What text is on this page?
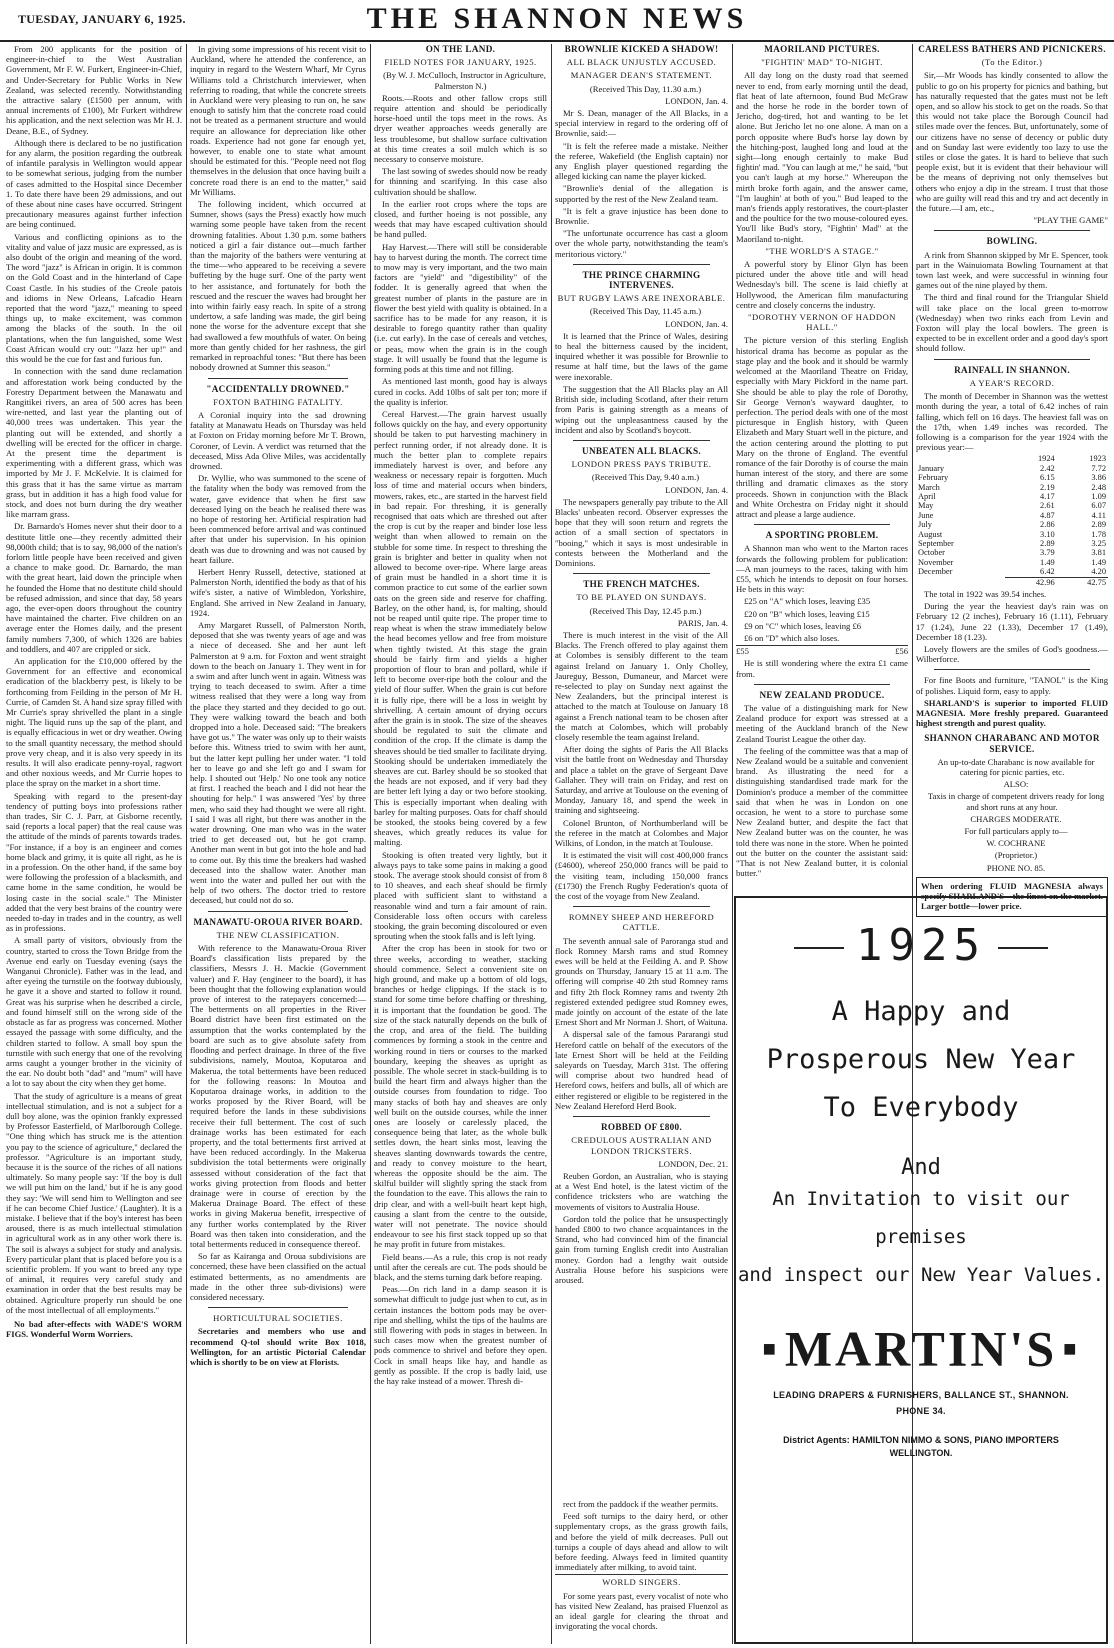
TUESDAY, JANUARY 6, 1925.	THE SHANNON NEWS

From 200 applicants for the position of engineer-in-chief to the West Australian Government, Mr F. W. Furkert, Engineer-in-Chief, and Under-Secretary for Public Works in New Zealand, was selected recently. Notwithstanding the attractive salary (£1500 per annum, with annual increments of £100), Mr Furkert withdrew his application, and the next selection was Mr H. J. Deane, B.E., of Sydney.

Although there is declared to be no justification for any alarm, the position regarding the outbreak of infantile paralysis in Wellington would appear to be somewhat serious, judging from the number of cases admitted to the Hospital since December 1. To date there have been 29 admissions, and out of these about nine cases have occurred. Stringent precautionary measures against further infection are being continued.

Various and conflicting opinions as to the vitality and value of jazz music are expressed, as is also doubt of the origin and meaning of the word. The word "jazz" is African in origin. It is common on the Gold Coast and in the hinterland of Cape Coast Castle. In his studies of the Creole patois and idioms in New Orleans, Lafcadio Hearn reported that the word "jazz," meaning to speed things up, to make excitement, was common among the blacks of the south. In the oil plantations, when the fun languished, some West Coast African would cry out: "Jazz her up!" and this would be the cue for fast and furious fun.

In connection with the sand dune reclamation and afforestation work being conducted by the Forestry Department between the Manawatu and Rangitikei rivers, an area of 500 acres has been wire-netted, and last year the planting out of 40,000 trees was undertaken. This year the planting out will be extended, and shortly a dwelling will be erected for the officer in charge. At the present time the department is experimenting with a different grass, which was imported by Mr J. F. McKelvie. It is claimed for this grass that it has the same virtue as marram grass, but in addition it has a high food value for stock, and does not burn during the dry weather like marram grass.

Dr. Barnardo's Homes never shut their door to a destitute little one—they recently admitted their 98,000th child; that is to say, 98,000 of the nation's forlorn little people have been received and given a chance to make good. Dr. Barnardo, the man with the great heart, laid down the principle when he founded the Home that no destitute child should be refused admission, and since that day, 58 years ago, the ever-open doors throughout the country have maintained the charter. Five children on an average enter the Homes daily, and the present family numbers 7,300, of which 1326 are babies and toddlers, and 407 are crippled or sick.

An application for the £10,000 offered by the Government for an effective and economical eradication of the blackberry pest, is likely to be forthcoming from Feilding in the person of Mr H. Currie, of Camden St. A hand size spray filled with Mr Currie's spray shrivelled the plant in a single night. The liquid runs up the sap of the plant, and is equally efficacious in wet or dry weather. Owing to the small quantity necessary, the method should prove very cheap, and it is also very speedy in its results. It will also eradicate penny-royal, ragwort and other noxious weeds, and Mr Currie hopes to place the spray on the market in a short time.

Speaking with regard to the present-day tendency of putting boys into professions rather than trades, Sir C. J. Parr, at Gisborne recently, said (reports a local paper) that the real cause was the attitude of the minds of parents towards trades. "For instance, if a boy is an engineer and comes home black and grimy, it is quite all right, as he is in a profession. On the other hand, if the same boy were following the profession of a blacksmith, and came home in the same condition, he would be losing caste in the social scale." The Minister added that the very best brains of the country were needed to-day in trades and in the country, as well as in professions.

A small party of visitors, obviously from the country, started to cross the Town Bridge from the Avenue end early on Tuesday evening (says the Wanganui Chronicle). Father was in the lead, and after eyeing the turnstile on the footway dubiously, he gave it a shove and started to follow it round. Great was his surprise when he described a circle, and found himself still on the wrong side of the obstacle as far as progress was concerned. Mother essayed the passage with some difficulty, and the children started to follow. A small boy spun the turnstile with such energy that one of the revolving arms caught a younger brother in the vicinity of the ear. No doubt both "dad" and "mum" will have a lot to say about the city when they get home.

That the study of agriculture is a means of great intellectual stimulation, and is not a subject for a dull boy alone, was the opinion frankly expressed by Professor Easterfield, of Marlborough College. "One thing which has struck me is the attention you pay to the science of agriculture," declared the professor. "Agriculture is an important study, because it is the source of the riches of all nations ultimately. So many people say: 'If the boy is dull we will put him on the land,' but if he is any good they say: 'We will send him to Wellington and see if he can become Chief Justice.' (Laughter). It is a mistake. I believe that if the boy's interest has been aroused, there is as much intellectual stimulation in agricultural work as in any other work there is. The soil is always a subject for study and analysis. Every particular plant that is placed before you is a scientific problem. If you want to breed any type of animal, it requires very careful study and examination in order that the best results may be obtained. Agriculture properly run should be one of the most intellectual of all employments."

No bad after-effects with WADE'S WORM FIGS. Wonderful Worm Worriers.

In giving some impressions of his recent visit to Auckland, where he attended the conference, an inquiry in regard to the Western Wharf, Mr Cyrus Williams told a Christchurch interviewer, when referring to roading, that while the concrete streets in Auckland were very pleasing to run on, he saw enough to satisfy him that the concrete road could not be treated as a permanent structure and would require an allowance for depreciation like other roads. Experience had not gone far enough yet, however, to enable one to state what amount should be estimated for this. "People need not flog themselves in the delusion that once having built a concrete road there is an end to the matter," said Mr Williams.

The following incident, which occurred at Sumner, shows (says the Press) exactly how much warning some people have taken from the recent drowning fatalities. About 1.30 p.m. some bathers noticed a girl a fair distance out—much farther than the majority of the bathers were venturing at the time—who appeared to be receiving a severe buffeting by the huge surf. One of the party went to her assistance, and fortunately for both the rescued and the rescuer the waves had brought her into within fairly easy reach. In spite of a strong undertow, a safe landing was made, the girl being none the worse for the adventure except that she had swallowed a few mouthfuls of water. On being more than gently chided for her rashness, the girl remarked in reproachful tones: "But there has been nobody drowned at Sumner this season."

"ACCIDENTALLY DROWNED."
FOXTON BATHING FATALITY.

A Coronial inquiry into the sad drowning fatality at Manawatu Heads on Thursday was held at Foxton on Friday morning before Mr T. Brown, Coroner, of Levin. A verdict was returned that the deceased, Miss Ada Olive Miles, was accidentally drowned.

Dr. Wyllie, who was summoned to the scene of the fatality when the body was removed from the water, gave evidence that when he first saw deceased lying on the beach he realised there was no hope of restoring her. Artificial respiration had been commenced before arrival and was continued after that under his supervision. In his opinion death was due to drowning and was not caused by heart failure.

Herbert Henry Russell, detective, stationed at Palmerston North, identified the body as that of his wife's sister, a native of Wimbledon, Yorkshire, England. She arrived in New Zealand in January, 1924.

Amy Margaret Russell, of Palmerston North, deposed that she was twenty years of age and was a niece of deceased. She and her aunt left Palmerston at 9 a.m. for Foxton and went straight down to the beach on January 1. They went in for a swim and after lunch went in again. Witness was trying to teach deceased to swim. After a time witness realised that they were a long way from the place they started and they decided to go out. They were walking toward the beach and both dropped into a hole. Deceased said: "The breakers have got us." The water was only up to their waists before this. Witness tried to swim with her aunt, but the latter kept pulling her under water. "I told her to leave go and she left go and I swam for help. I shouted out 'Help.' No one took any notice at first. I reached the beach and I did not hear the shouting for help." I was answered 'Yes' by three men, who said they had thought we were all right. I said I was all right, but there was another in the water drowning. One man who was in the water tried to get deceased out, but he got cramp. Another man went in but got into the hole and had to come out. By this time the breakers had washed deceased into the shallow water. Another man went into the water and pulled her out with the help of two others. The doctor tried to restore deceased, but could not do so.

MANAWATU-OROUA RIVER BOARD.
THE NEW CLASSIFICATION.

With reference to the Manawatu-Oroua River Board's classification lists prepared by the classifiers, Messrs J. H. Mackie (Government valuer) and F. Hay (engineer to the board), it has been thought that the following explanation would prove of interest to the ratepayers concerned:—The betterments on all properties in the River Board district have been first estimated on the assumption that the works contemplated by the board are such as to give absolute safety from flooding and perfect drainage. In three of the five subdivisions, namely, Moutoa, Koputaroa and Makerua, the total betterments have been reduced for the following reasons: In Moutoa and Koputaroa drainage works, in addition to the works proposed by the River Board, will be required before the lands in these subdivisions receive their full betterment. The cost of such drainage works has been estimated for each property, and the total betterments first arrived at have been reduced accordingly. In the Makerua subdivision the total betterments were originally assessed without consideration of the fact that works giving protection from floods and better drainage were in course of erection by the Makerua Drainage Board. The effect of these works in giving Makerua benefit, irrespective of any further works contemplated by the River Board was then taken into consideration, and the total betterments reduced in consequence thereof.

So far as Kairanga and Oroua subdivisions are concerned, these have been classified on the actual estimated betterments, as no amendments are made in the other three sub-divisions) were considered necessary.

HORTICULTURAL SOCIETIES.

Secretaries and members who use and recommend Q-tol should write Box 1018, Wellington, for an artistic Pictorial Calendar which is shortly to be on view at Florists.

ON THE LAND.
FIELD NOTES FOR JANUARY, 1925.

(By W. J. McCulloch, Instructor in Agriculture, Palmerston N.)

Roots.—Roots and other fallow crops still require attention and should be periodically horse-hoed until the tops meet in the rows. As dryer weather approaches weeds generally are less troublesome, but shallow surface cultivation at this time creates a soil mulch which is so necessary to conserve moisture.

The last sowing of swedes should now be ready for thinning and scarifying. In this case also cultivation should be shallow.

In the earlier root crops where the tops are closed, and further hoeing is not possible, any weeds that may have escaped cultivation should be hand pulled.

Hay Harvest.—There will still be considerable hay to harvest during the month. The correct time to mow may is very important, and the two main factors are "yield" and "digestibility" of the fodder. It is generally agreed that when the greatest number of plants in the pasture are in flower the best yield with quality is obtained. In a sacrifice has to be made for any reason, it is desirable to forego quantity rather than quality (i.e. cut early). In the case of cereals and vetches, or peas, mow when the grain is in the cough stage. It will usually be found that the legume is forming pods at this time and not filling.

As mentioned last month, good hay is always cured in cocks. Add 10lbs of salt per ton; more if the quality is inferior.

Cereal Harvest.—The grain harvest usually follows quickly on the hay, and every opportunity should be taken to put harvesting machinery in perfect running order, if not already done. It is much the better plan to complete repairs immediately harvest is over, and before any weakness or necessary repair is forgotten. Much loss of time and material occurs when binders, mowers, rakes, etc., are started in the harvest field in bad repair. For threshing, it is generally recognised that oats which are threshed out after the crop is cut by the reaper and binder lose less weight than when allowed to remain on the stubble for some time. In respect to threshing the grain is brighter and better in quality when not allowed to become over-ripe. Where large areas of grain must be handled in a short time it is common practice to cut some of the earlier sown oats on the green side and reserve for chaffing. Barley, on the other hand, is, for malting, should not be reaped until quite ripe. The proper time to reap wheat is when the straw immediately below the head becomes yellow and free from moisture when tightly twisted. At this stage the grain should be fairly firm and yields a higher proportion of flour to bran and pollard, while if left to become over-ripe both the colour and the yield of flour suffer. When the grain is cut before it is fully ripe, there will be a loss in weight by shrivelling. A certain amount of drying occurs after the grain is in stook. The size of the sheaves should be regulated to suit the climate and condition of the crop. If the climate is damp the sheaves should be tied smaller to facilitate drying. Stooking should be undertaken immediately the sheaves are cut. Barley should be so stooked that the heads are not exposed, and if very bad they are better left lying a day or two before stooking. This is especially important when dealing with barley for malting purposes. Oats for chaff should be stooked, the stooks being covered by a few sheaves, which greatly reduces its value for malting.

Stooking is often treated very lightly, but it always pays to take some pains in making a good stook. The average stook should consist of from 8 to 10 sheaves, and each sheaf should be firmly placed with sufficient slant to withstand a reasonable wind and turn a fair amount of rain. Considerable loss often occurs with careless stooking, the grain becoming discoloured or even sprouting when the stook falls and is left lying.

After the crop has been in stook for two or three weeks, according to weather, stacking should commence. Select a convenient site on high ground, and make up a bottom of old logs, branches or hedge clippings. If the stack is to stand for some time before chaffing or threshing, it is important that the foundation be good. The size of the stack naturally depends on the bulk of the crop, and area of the field. The building commences by forming a stook in the centre and working round in tiers or courses to the marked boundary, keeping the sheaves as upright as possible. The whole secret in stack-building is to build the heart firm and always higher than the outside courses from foundation to ridge. Too many stacks of both hay and sheaves are only well built on the outside courses, while the inner ones are loosely or carelessly placed, the consequence being that later, as the whole bulk settles down, the heart sinks most, leaving the sheaves slanting downwards towards the centre, and ready to convey moisture to the heart, whereas the opposite should be the aim. The skilful builder will slightly spring the stack from the foundation to the eave. This allows the rain to drip clear, and with a well-built heart kept high, causing a slant from the centre to the outside, water will not penetrate. The novice should endeavour to see his first stack topped up so that he may profit in future from mistakes.

Field beans.—As a rule, this crop is not ready until after the cereals are cut. The pods should be black, and the stems turning dark before reaping.

Peas.—On rich land in a damp season it is somewhat difficult to judge just when to cut, as in certain instances the bottom pods may be over-ripe and shelling, whilst the tips of the haulms are still flowering with pods in stages in between. In such cases mow when the greatest number of pods commence to shrivel and before they open. Cock in small heaps like hay, and handle as gently as possible. If the crop is badly laid, use the hay rake instead of a mower. Thresh di-

BROWNLIE KICKED A SHADOW!
ALL BLACK UNJUSTLY ACCUSED.
MANAGER DEAN'S STATEMENT.

(Received This Day, 11.30 a.m.)

LONDON, Jan. 4.

Mr S. Dean, manager of the All Blacks, in a special interview in regard to the ordering off of Brownlie, said:—

"It is felt the referee made a mistake. Neither the referee, Wakefield (the English captain) nor any English player questioned regarding the alleged kicking can name the player kicked.

"Brownlie's denial of the allegation is supported by the rest of the New Zealand team.

"It is felt a grave injustice has been done to Brownlie.

"The unfortunate occurrence has cast a gloom over the whole party, notwithstanding the team's meritorious victory."

THE PRINCE CHARMING INTERVENES.
BUT RUGBY LAWS ARE INEXORABLE.

(Received This Day, 11.45 a.m.)

LONDON, Jan. 4.

It is learned that the Prince of Wales, desiring to heal the bitterness caused by the incident, inquired whether it was possible for Brownlie to resume at half time, but the laws of the game were inexorable.

The suggestion that the All Blacks play an All British side, including Scotland, after their return from Paris is gaining strength as a means of wiping out the unpleasantness caused by the incident and also by Scotland's boycott.

UNBEATEN ALL BLACKS.
LONDON PRESS PAYS TRIBUTE.

(Received This Day, 9.40 a.m.)

LONDON, Jan. 4.

The newspapers generally pay tribute to the All Blacks' unbeaten record. Observer expresses the hope that they will soon return and regrets the action of a small section of spectators in "booing," which it says is most undesirable in contests between the Motherland and the Dominions.

THE FRENCH MATCHES.
TO BE PLAYED ON SUNDAYS.

(Received This Day, 12.45 p.m.)

PARIS, Jan. 4.

There is much interest in the visit of the All Blacks. The French offered to play against them at Colombes is sensibly different to the team against Ireland on January 1. Only Cholley, Jaureguy, Besson, Dumaneur, and Marcet were re-selected to play on Sunday next against the New Zealanders, but the principal interest is attached to the match at Toulouse on January 18 against a French national team to be chosen after the match at Colombes, which will probably closely resemble the team against Ireland.

After doing the sights of Paris the All Blacks visit the battle front on Wednesday and Thursday and place a tablet on the grave of Sergeant Dave Gallaher. They will train on Friday, and rest on Saturday, and arrive at Toulouse on the evening of Monday, January 18, and spend the week in training and sightseeing.

Colonel Brunton, of Northumberland will be the referee in the match at Colombes and Major Wilkins, of London, in the match at Toulouse.

It is estimated the visit will cost 400,000 francs (£4600), whereof 250,000 francs will be paid to the visiting team, including 150,000 francs (£1730) the French Rugby Federation's quota of the cost of the voyage from New Zealand.

ROMNEY SHEEP AND HEREFORD CATTLE.

The seventh annual sale of Paroranga stud and flock Romney Marsh rams and stud Romney ewes will be held at the Feilding A. and P. Show grounds on Thursday, January 15 at 11 a.m. The offering will comprise 40 2th stud Romney rams and fifty 2th flock Romney rams and twenty 2th registered extended pedigree stud Romney ewes, made jointly on account of the estate of the late Ernest Short and Mr Norman J. Short, of Waituna.

A dispersal sale of the famous Pararangi stud Hereford cattle on behalf of the executors of the late Ernest Short will be held at the Feilding saleyards on Tuesday, March 31st. The offering will comprise about two hundred head of Hereford cows, heifers and bulls, all of which are either registered or eligible to be registered in the New Zealand Hereford Herd Book.

ROBBED OF £800.
CREDULOUS AUSTRALIAN AND LONDON TRICKSTERS.

LONDON, Dec. 21.

Reuben Gordon, an Australian, who is staying at a West End hotel, is the latest victim of the confidence tricksters who are watching the movements of visitors to Australia House.

Gordon told the police that he unsuspectingly handed £800 to two chance acquaintances in the Strand, who had convinced him of the financial gain from turning English credit into Australian money. Gordon had a lengthy wait outside Australia House before his suspicions were aroused.

MAORILAND PICTURES.
"FIGHTIN' MAD" TO-NIGHT.

All day long on the dusty road that seemed never to end, from early morning until the dead, flat heat of late afternoon, found Bud McGraw and the horse he rode in the border town of Jericho, dog-tired, hot and wanting to be let alone. But Jericho let no one alone. A man on a porch opposite where Bud's horse lay down by the hitching-post, laughed long and loud at the sight—long enough certainly to make Bud fightin' mad. "You can laugh at me," he said, "but you can't laugh at my horse." Whereupon the mirth broke forth again, and the answer came, "I'm laughin' at both of you." Bud leaped to the man's friends apply restoratives, the court-plaster and the poultice for the two mouse-coloured eyes. You'll like Bud's story, "Fightin' Mad" at the Maoriland to-night.

"THE WORLD'S A STAGE."

A powerful story by Elinor Glyn has been pictured under the above title and will head Wednesday's bill. The scene is laid chiefly at Hollywood, the American film manufacturing centre and closely concerns the industry.

"DOROTHY VERNON OF HADDON HALL."

The picture version of this sterling English historical drama has become as popular as the stage play and the book and it should be warmly welcomed at the Maoriland Theatre on Friday, especially with Mary Pickford in the name part. She should be able to play the role of Dorothy, Sir George Vernon's wayward daughter, to perfection. The period deals with one of the most picturesque in English history, with Queen Elizabeth and Mary Stuart well in the picture, and the action centering around the plotting to put Mary on the throne of England. The eventful romance of the fair Dorothy is of course the main human interest of the story, and there are some thrilling and dramatic climaxes as the story proceeds. Shown in conjunction with the Black and White Orchestra on Friday night it should attract and please a large audience.

A SPORTING PROBLEM.

A Shannon man who went to the Marton races forwards the following problem for publication:—A man journeys to the races, taking with him £55, which he intends to deposit on four horses. He bets in this way:

£25 on "A" which loses, leaving £35

£20 on "B" which loses, leaving £15

£9 on "C" which loses, leaving £6

£6 on "D" which also loses.

£55	£56

He is still wondering where the extra £1 came from.

NEW ZEALAND PRODUCE.

The value of a distinguishing mark for New Zealand produce for export was stressed at a meeting of the Auckland branch of the New Zealand Tourist League the other day.

The feeling of the committee was that a map of New Zealand would be a suitable and convenient brand. As illustrating the need for a distinguishing standardised trade mark for the Dominion's produce a member of the committee said that when he was in London on one occasion, he went to a store to purchase some New Zealand butter, and despite the fact that New Zealand butter was on the counter, he was told there was none in the store. When he pointed out the butter on the counter the assistant said: "That is not New Zealand butter, it is colonial butter."

CARELESS BATHERS AND PICNICKERS.
(To the Editor.)

Sir,—Mr Woods has kindly consented to allow the public to go on his property for picnics and bathing, but has naturally requested that the gates must not be left open, and so allow his stock to get on the roads. So that this would not take place the Borough Council had stiles made over the fences. But, unfortunately, some of our citizens have no sense of decency or public duty and on Sunday last were evidently too lazy to use the stiles or close the gates. It is hard to believe that such people exist, but it is evident that their behaviour will be the means of depriving not only themselves but others who enjoy a dip in the stream. I trust that those who are guilty will read this and try and act decently in the future.—I am, etc.,

"PLAY THE GAME"

BOWLING.

A rink from Shannon skipped by Mr E. Spencer, took part in the Wainuiomata Bowling Tournament at that town last week, and were successful in winning four games out of the nine played by them.

The third and final round for the Triangular Shield will take place on the local green to-morrow (Wednesday) when two rinks each from Levin and Foxton will play the local bowlers. The green is expected to be in excellent order and a good day's sport should follow.

RAINFALL IN SHANNON.
A YEAR'S RECORD.

The month of December in Shannon was the wettest month during the year, a total of 6.42 inches of rain falling, which fell on 16 days. The heaviest fall was on the 17th, when 1.49 inches was recorded. The following is a comparison for the year 1924 with the previous year:—

	1924	1923
January	2.42	7.72
February	6.15	3.86
March	2.19	2.48
April	4.17	1.09
May	2.61	6.07
June	4.87	4.11
July	2.86	2.89
August	3.10	1.78
September	2.89	3.25
October	3.79	3.81
November	1.49	1.49
December	6.42	4.20
	42.96	42.75

The total in 1922 was 39.54 inches.

During the year the heaviest day's rain was on February 12 (2 inches), February 16 (1.11), February 17 (1.24), June 22 (1.33), December 17 (1.49), December 18 (1.23).

Lovely flowers are the smiles of God's goodness.—Wilberforce.

For fine Boots and furniture, "TANOL" is the King of polishes. Liquid form, easy to apply.

SHARLAND'S is superior to imported FLUID MAGNESIA. More freshly prepared. Guaranteed highest strength and purest quality.

SHANNON CHARABANC AND MOTOR SERVICE.

An up-to-date Charabanc is now available for catering for picnic parties, etc.

ALSO:

Taxis in charge of competent drivers ready for long and short runs at any hour.

CHARGES MODERATE.

For full particulars apply to—

W. COCHRANE

(Proprietor.)

PHONE NO. 85.

When ordering FLUID MAGNESIA always specify SHARLAND'S—the finest on the market. Larger bottle—lower price.

1925
A Happy and
Prosperous New Year
To Everybody
And
An Invitation to visit our premises
and inspect our New Year Values.
■ MARTIN'S ■
LEADING DRAPERS & FURNISHERS, BALLANCE ST., SHANNON.
PHONE 34.
District Agents: HAMILTON NIMMO & SONS, PIANO IMPORTERS
WELLINGTON.

rect from the paddock if the weather permits.

Feed soft turnips to the dairy herd, or other supplementary crops, as the grass growth fails, and before the yield of milk decreases. Pull out turnips a couple of days ahead and allow to wilt before feeding. Always feed in limited quantity immediately after milking, to avoid taint.

WORLD SINGERS.

For some years past, every vocalist of note who has visited New Zealand, has praised Fluenzol as an ideal gargle for clearing the throat and invigorating the vocal chords.
